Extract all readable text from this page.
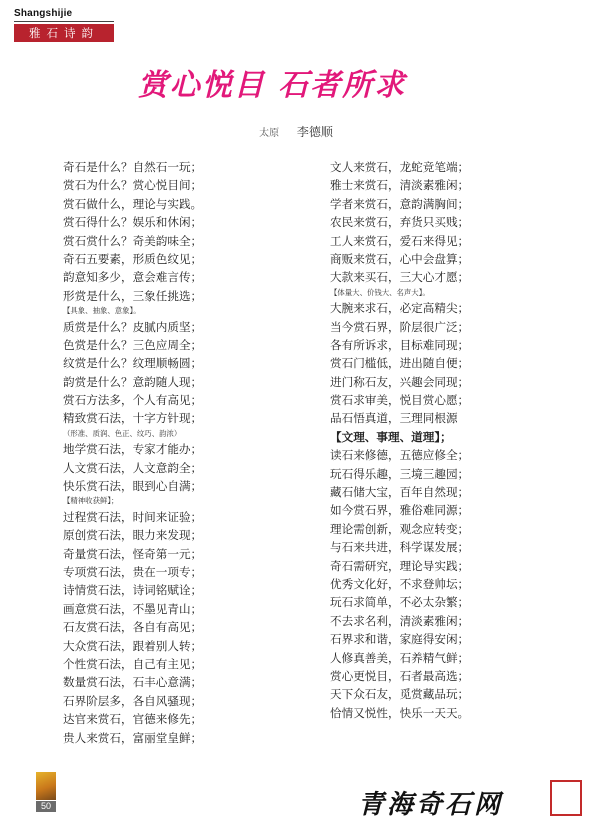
Shangshijie
雅石诗韵
赏心悦目 石者所求
太原 李德顺
奇石是什么？自然石一玩；
赏石为什么？赏心悦目间；
赏石做什么，理论与实践。
赏石得什么？娱乐和休闲；
赏石赏什么？奇美韵味全；
奇石五要素，形质色纹见；
韵意知多少，意会难言传；
形赏是什么，三象任挑选；
【具象、抽象、意象】。
质赏是什么？皮腻内质坚；
色赏是什么？三色应周全；
纹赏是什么？纹理顺畅圆；
韵赏是什么？意韵随人现；
赏石方法多，个人有高见；
精致赏石法，十字方针现；
（形准、质润、色正、纹巧、韵浓）
地学赏石法，专家才能办；
人文赏石法，人文意韵全；
快乐赏石法，眼到心自满；
【精神收获鲜】；
过程赏石法，时间来证验；
原创赏石法，眼力来发现；
奇量赏石法，怪奇第一元；
专项赏石法，贵在一项专；
诗情赏石法，诗词铭赋诠；
画意赏石法，不墨见青山；
石友赏石法，各自有高见；
大众赏石法，跟着别人转；
个性赏石法，自己有主见；
数量赏石法，石丰心意满；
石界阶层多，各自风骚现；
达官来赏石，官德来修先；
贵人来赏石，富丽堂皇鲜；
文人来赏石，龙蛇竞笔端；
雅士来赏石，清淡素雅闲；
学者来赏石，意韵满胸间；
农民来赏石，弃货只买贱；
工人来赏石，爱石来得见；
商贩来赏石，心中会盘算；
大款来买石，三大心才愿；
【体量大、价钱大、名声大】。
大腕来求石，必定高精尖；
当今赏石界，阶层很广泛；
各有所诉求，目标难同现；
赏石门槛低，进出随自便；
进门称石友，兴趣会同现；
赏石求审美，悦目赏心愿；
品石悟真道，三理同根源
【文理、事理、道理】；
读石来修德，五德应修全；
玩石得乐趣，三境三趣园；
藏石储大宝，百年自然现；
如今赏石界，雅俗难同源；
理论需创新，观念应转变；
与石来共进，科学谋发展；
奇石需研究，理论导实践；
优秀文化好，不求登帅坛；
玩石求简单，不必太杂繁；
不去求名利，清淡素雅闲；
石界求和谐，家庭得安闲；
人修真善美，石养精气鲜；
赏心更悦目，石者最高选；
天下众石友，觅赏藏品玩；
恰情又悦性，快乐一天天。
50	青海奇石网
